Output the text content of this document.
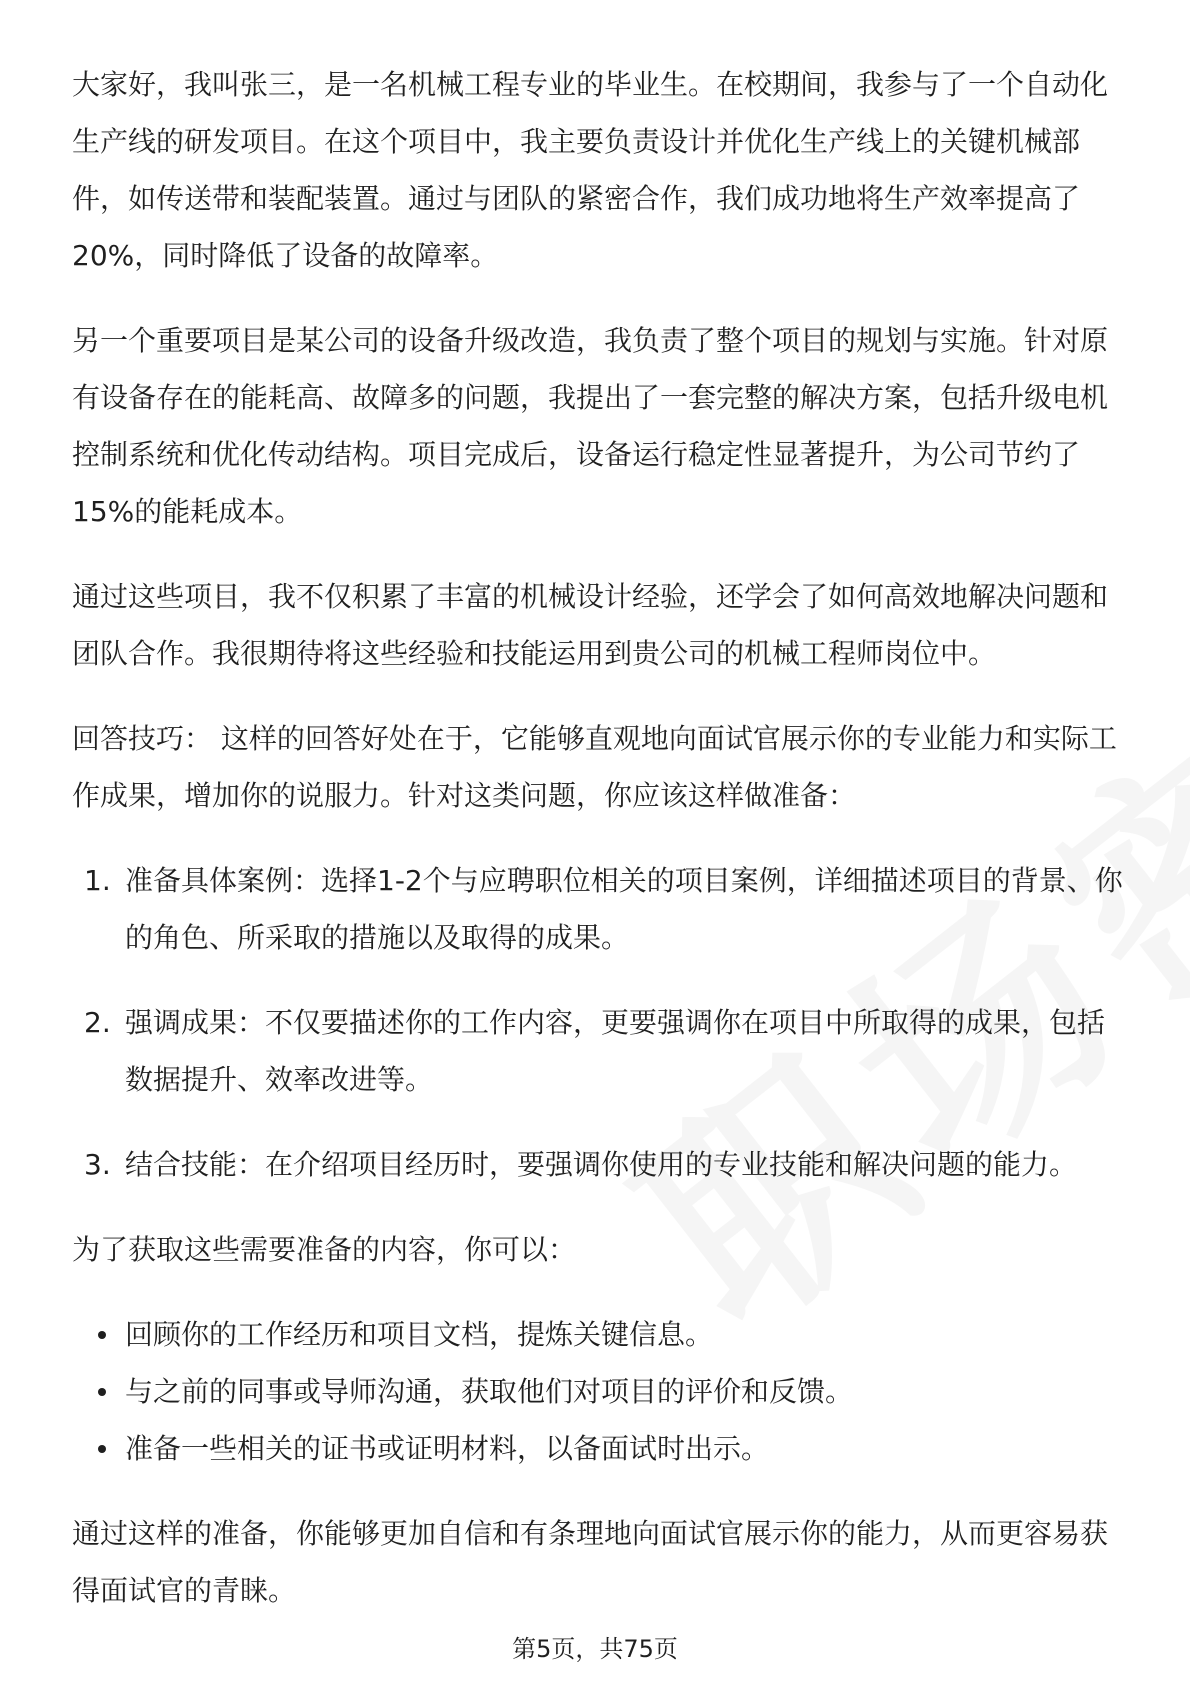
大家好，我叫张三，是一名机械工程专业的毕业生。在校期间，我参与了一个自动化生产线的研发项目。在这个项目中，我主要负责设计并优化生产线上的关键机械部件，如传送带和装配装置。通过与团队的紧密合作，我们成功地将生产效率提高了20%，同时降低了设备的故障率。

另一个重要项目是某公司的设备升级改造，我负责了整个项目的规划与实施。针对原有设备存在的能耗高、故障多的问题，我提出了一套完整的解决方案，包括升级电机控制系统和优化传动结构。项目完成后，设备运行稳定性显著提升，为公司节约了15%的能耗成本。

通过这些项目，我不仅积累了丰富的机械设计经验，还学会了如何高效地解决问题和团队合作。我很期待将这些经验和技能运用到贵公司的机械工程师岗位中。

回答技巧： 这样的回答好处在于，它能够直观地向面试官展示你的专业能力和实际工作成果，增加你的说服力。针对这类问题，你应该这样做准备：

1. 准备具体案例：选择1-2个与应聘职位相关的项目案例，详细描述项目的背景、你的角色、所采取的措施以及取得的成果。
2. 强调成果：不仅要描述你的工作内容，更要强调你在项目中所取得的成果，包括数据提升、效率改进等。
3. 结合技能：在介绍项目经历时，要强调你使用的专业技能和解决问题的能力。

为了获取这些需要准备的内容，你可以：

回顾你的工作经历和项目文档，提炼关键信息。
与之前的同事或导师沟通，获取他们对项目的评价和反馈。
准备一些相关的证书或证明材料，以备面试时出示。

通过这样的准备，你能够更加自信和有条理地向面试官展示你的能力，从而更容易获得面试官的青睐。

第5页，共75页
